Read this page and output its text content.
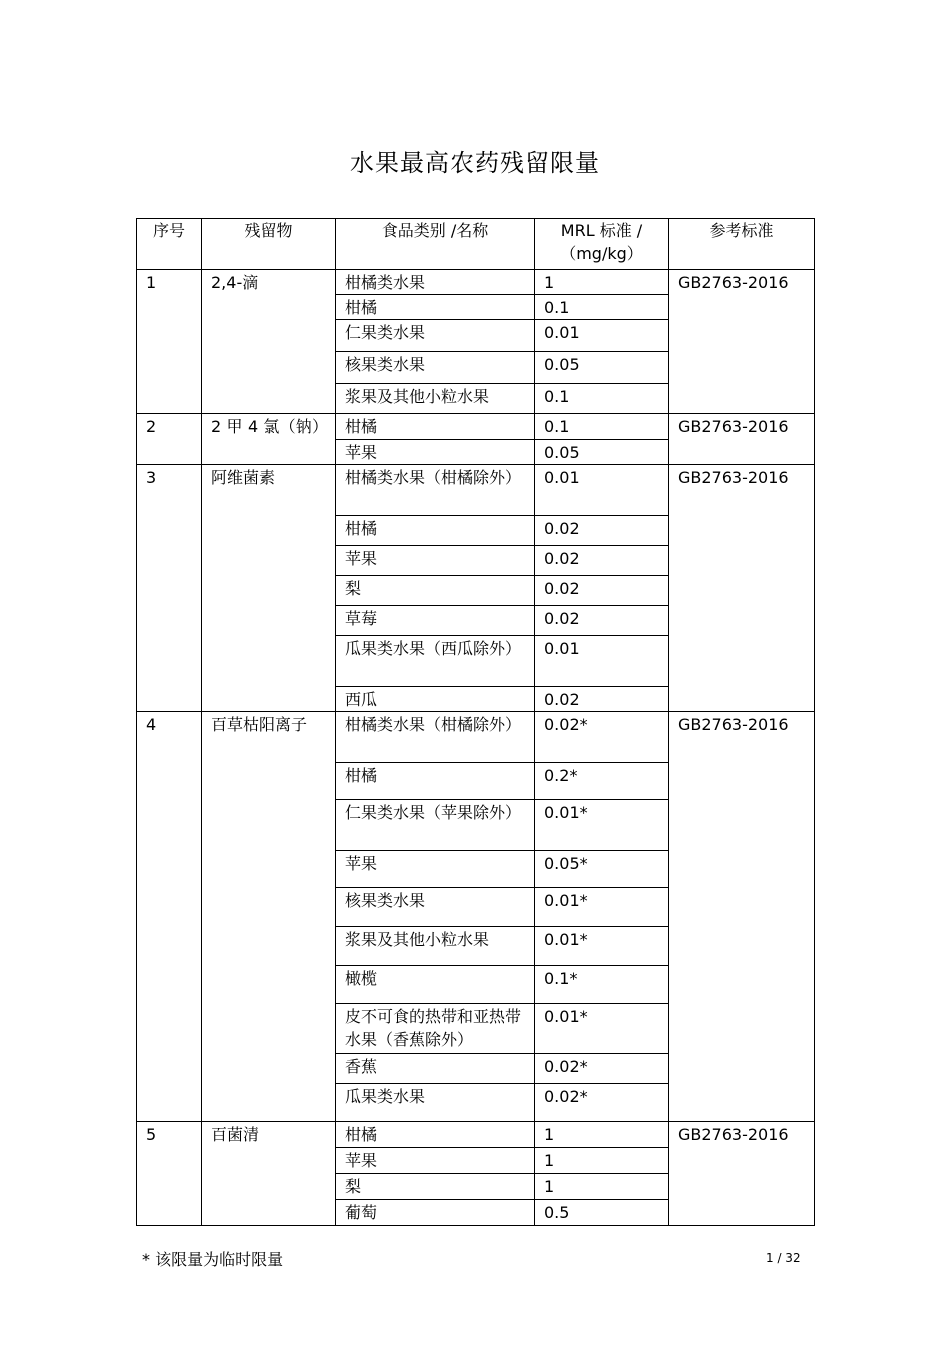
水果最高农药残留限量
序号	残留物	食品类别 /名称	MRL 标准 /（mg/kg）	参考标准
1	2,4-滴	柑橘类水果	1	GB2763-2016
		柑橘	0.1	
		仁果类水果	0.01	
		核果类水果	0.05	
		浆果及其他小粒水果	0.1	
2	2 甲 4 氯（钠）	柑橘	0.1	GB2763-2016
		苹果	0.05	
3	阿维菌素	柑橘类水果（柑橘除外）	0.01	GB2763-2016
		柑橘	0.02	
		苹果	0.02	
		梨	0.02	
		草莓	0.02	
		瓜果类水果（西瓜除外）	0.01	
		西瓜	0.02	
4	百草枯阳离子	柑橘类水果（柑橘除外）	0.02*	GB2763-2016
		柑橘	0.2*	
		仁果类水果（苹果除外）	0.01*	
		苹果	0.05*	
		核果类水果	0.01*	
		浆果及其他小粒水果	0.01*	
		橄榄	0.1*	
		皮不可食的热带和亚热带水果（香蕉除外）	0.01*	
		香蕉	0.02*	
		瓜果类水果	0.02*	
5	百菌清	柑橘	1	GB2763-2016
		苹果	1	
		梨	1	
		葡萄	0.5	
* 该限量为临时限量	1 / 32
